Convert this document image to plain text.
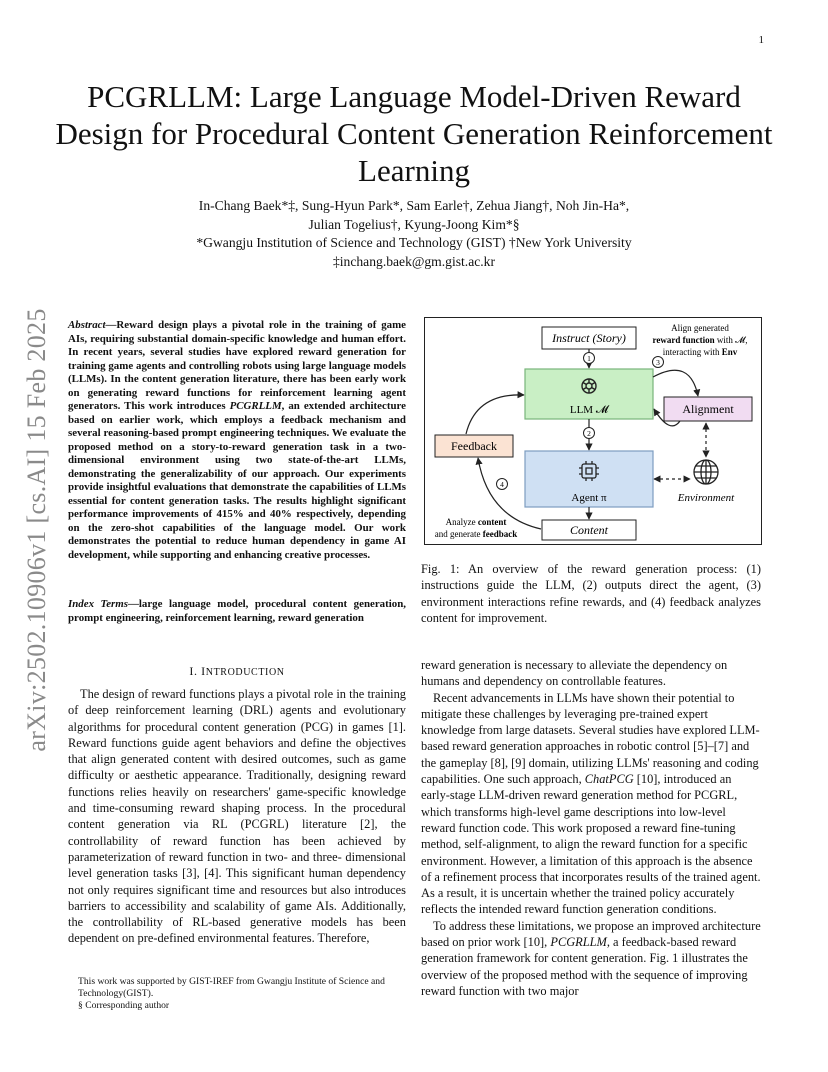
1
PCGRLLM: Large Language Model-Driven Reward Design for Procedural Content Generation Reinforcement Learning
In-Chang Baek*‡, Sung-Hyun Park*, Sam Earle†, Zehua Jiang†, Noh Jin-Ha*,
Julian Togelius†, Kyung-Joong Kim*§
*Gwangju Institution of Science and Technology (GIST) †New York University
‡inchang.baek@gm.gist.ac.kr
arXiv:2502.10906v1 [cs.AI] 15 Feb 2025 Abstract—Reward design plays a pivotal role in the training of game AIs, requiring substantial domain-specific knowledge and human effort. In recent years, several studies have explored reward generation for training game agents and controlling robots using large language models (LLMs). In the content generation literature, there has been early work on generating reward functions for reinforcement learning agent generators. This work introduces PCGRLLM, an extended architecture based on earlier work, which employs a feedback mechanism and several reasoning-based prompt engineering techniques. We evaluate the proposed method on a story-to-reward generation task in a two-dimensional environment using two state-of-the-art LLMs, demonstrating the generalizability of our approach. Our experiments provide insightful evaluations that demonstrate the capabilities of LLMs essential for content generation tasks. The results highlight significant performance improvements of 415% and 40% respectively, depending on the zero-shot capabilities of the language model. Our work demonstrates the potential to reduce human dependency in game AI development, while supporting and enhancing creative processes.
Index Terms—large language model, procedural content generation, prompt engineering, reinforcement learning, reward generation
I. INTRODUCTION
The design of reward functions plays a pivotal role in the training of deep reinforcement learning (DRL) agents and evolutionary algorithms for procedural content generation (PCG) in games [1]. Reward functions guide agent behaviors and define the objectives that align generated content with desired outcomes, such as game difficulty or aesthetic appearance. Traditionally, designing reward functions relies heavily on researchers' game-specific knowledge and time-consuming reward shaping process. In the procedural content generation via RL (PCGRL) literature [2], the controllability of reward function has been achieved by parameterization of reward function in two- and three- dimensional level generation tasks [3], [4]. This significant human dependency not only requires significant time and resources but also introduces barriers to accessibility and scalability of game AIs. Additionally, the controllability of RL-based generative models has been dependent on pre-defined environmental features. Therefore,

This work was supported by GIST-IREF from Gwangju Institute of Science and Technology(GIST).

§ Corresponding author

Instruct (Story)
LLM 𝓜
Agent π
Content
Feedback
Alignment
Environment
Align generated
reward function with 𝓜,
interacting with Env
Analyze content
and generate feedback
1
2
3
4
Fig. 1: An overview of the reward generation process: (1) instructions guide the LLM, (2) outputs direct the agent, (3) environment interactions refine rewards, and (4) feedback analyzes content for improvement.

reward generation is necessary to alleviate the dependency on humans and dependency on controllable features.

Recent advancements in LLMs have shown their potential to mitigate these challenges by leveraging pre-trained expert knowledge from large datasets. Several studies have explored LLM-based reward generation approaches in robotic control [5]–[7] and the gameplay [8], [9] domain, utilizing LLMs' reasoning and coding capabilities. One such approach, ChatPCG [10], introduced an early-stage LLM-driven reward generation method for PCGRL, which transforms high-level game descriptions into low-level reward function code. This work proposed a reward fine-tuning method, self-alignment, to align the reward function for a specific environment. However, a limitation of this approach is the absence of a refinement process that incorporates results of the trained agent. As a result, it is uncertain whether the trained policy accurately reflects the intended reward function generation conditions.

To address these limitations, we propose an improved architecture based on prior work [10], PCGRLLM, a feedback-based reward generation framework for content generation. Fig. 1 illustrates the overview of the proposed method with the sequence of improving reward function with two major
